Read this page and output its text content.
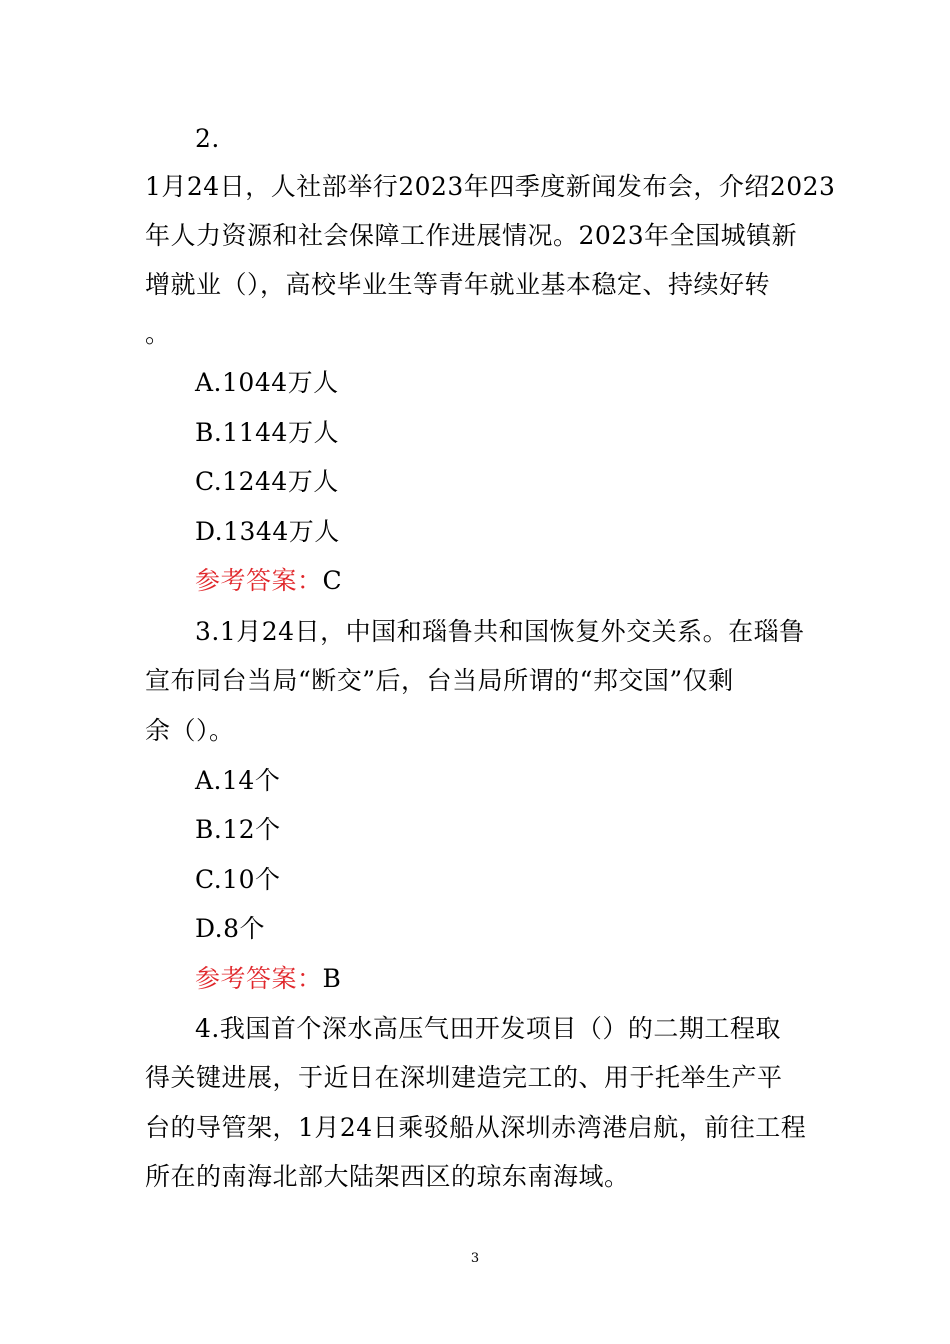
2.
1月24日，人社部举行2023年四季度新闻发布会，介绍2023
年人力资源和社会保障工作进展情况。2023年全国城镇新
增就业（），高校毕业生等青年就业基本稳定、持续好转
。
A.1044万人
B.1144万人
C.1244万人
D.1344万人
参考答案：C
3.1月24日，中国和瑙鲁共和国恢复外交关系。在瑙鲁
宣布同台当局“断交”后，台当局所谓的“邦交国”仅剩
余（）。
A.14个
B.12个
C.10个
D.8个
参考答案：B
4.我国首个深水高压气田开发项目（）的二期工程取
得关键进展，于近日在深圳建造完工的、用于托举生产平
台的导管架，1月24日乘驳船从深圳赤湾港启航，前往工程
所在的南海北部大陆架西区的琼东南海域。
3
